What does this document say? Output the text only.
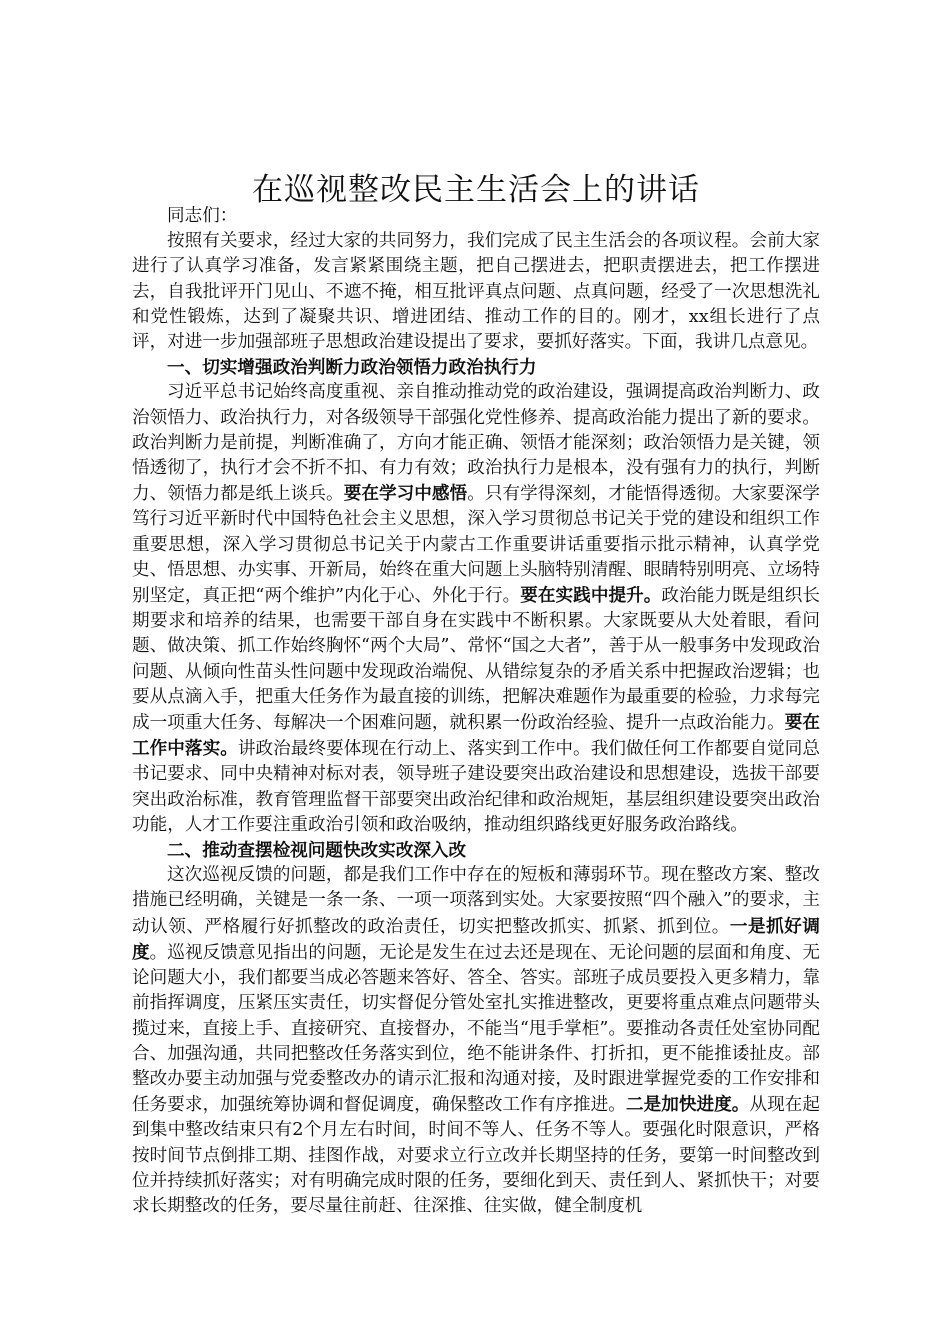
在巡视整改民主生活会上的讲话

同志们：

按照有关要求，经过大家的共同努力，我们完成了民主生活会的各项议程。会前大家进行了认真学习准备，发言紧紧围绕主题，把自己摆进去，把职责摆进去，把工作摆进去，自我批评开门见山、不遮不掩，相互批评真点问题、点真问题，经受了一次思想洗礼和党性锻炼，达到了凝聚共识、增进团结、推动工作的目的。刚才，xx组长进行了点评，对进一步加强部班子思想政治建设提出了要求，要抓好落实。下面，我讲几点意见。

一、切实增强政治判断力政治领悟力政治执行力

习近平总书记始终高度重视、亲自推动推动党的政治建设，强调提高政治判断力、政治领悟力、政治执行力，对各级领导干部强化党性修养、提高政治能力提出了新的要求。政治判断力是前提，判断准确了，方向才能正确、领悟才能深刻；政治领悟力是关键，领悟透彻了，执行才会不折不扣、有力有效；政治执行力是根本，没有强有力的执行，判断力、领悟力都是纸上谈兵。要在学习中感悟。只有学得深刻，才能悟得透彻。大家要深学笃行习近平新时代中国特色社会主义思想，深入学习贯彻总书记关于党的建设和组织工作重要思想，深入学习贯彻总书记关于内蒙古工作重要讲话重要指示批示精神，认真学党史、悟思想、办实事、开新局，始终在重大问题上头脑特别清醒、眼睛特别明亮、立场特别坚定，真正把“两个维护”内化于心、外化于行。要在实践中提升。政治能力既是组织长期要求和培养的结果，也需要干部自身在实践中不断积累。大家既要从大处着眼，看问题、做决策、抓工作始终胸怀“两个大局”、常怀“国之大者”，善于从一般事务中发现政治问题、从倾向性苗头性问题中发现政治端倪、从错综复杂的矛盾关系中把握政治逻辑；也要从点滴入手，把重大任务作为最直接的训练，把解决难题作为最重要的检验，力求每完成一项重大任务、每解决一个困难问题，就积累一份政治经验、提升一点政治能力。要在工作中落实。讲政治最终要体现在行动上、落实到工作中。我们做任何工作都要自觉同总书记要求、同中央精神对标对表，领导班子建设要突出政治建设和思想建设，选拔干部要突出政治标准，教育管理监督干部要突出政治纪律和政治规矩，基层组织建设要突出政治功能，人才工作要注重政治引领和政治吸纳，推动组织路线更好服务政治路线。

二、推动查摆检视问题快改实改深入改

这次巡视反馈的问题，都是我们工作中存在的短板和薄弱环节。现在整改方案、整改措施已经明确，关键是一条一条、一项一项落到实处。大家要按照“四个融入”的要求，主动认领、严格履行好抓整改的政治责任，切实把整改抓实、抓紧、抓到位。一是抓好调度。巡视反馈意见指出的问题，无论是发生在过去还是现在、无论问题的层面和角度、无论问题大小，我们都要当成必答题来答好、答全、答实。部班子成员要投入更多精力，靠前指挥调度，压紧压实责任，切实督促分管处室扎实推进整改，更要将重点难点问题带头揽过来，直接上手、直接研究、直接督办，不能当“甩手掌柜”。要推动各责任处室协同配合、加强沟通，共同把整改任务落实到位，绝不能讲条件、打折扣，更不能推诿扯皮。部整改办要主动加强与党委整改办的请示汇报和沟通对接，及时跟进掌握党委的工作安排和任务要求，加强统筹协调和督促调度，确保整改工作有序推进。二是加快进度。从现在起到集中整改结束只有2个月左右时间，时间不等人、任务不等人。要强化时限意识，严格按时间节点倒排工期、挂图作战，对要求立行立改并长期坚持的任务，要第一时间整改到位并持续抓好落实；对有明确完成时限的任务，要细化到天、责任到人、紧抓快干；对要求长期整改的任务，要尽量往前赶、往深推、往实做，健全制度机
